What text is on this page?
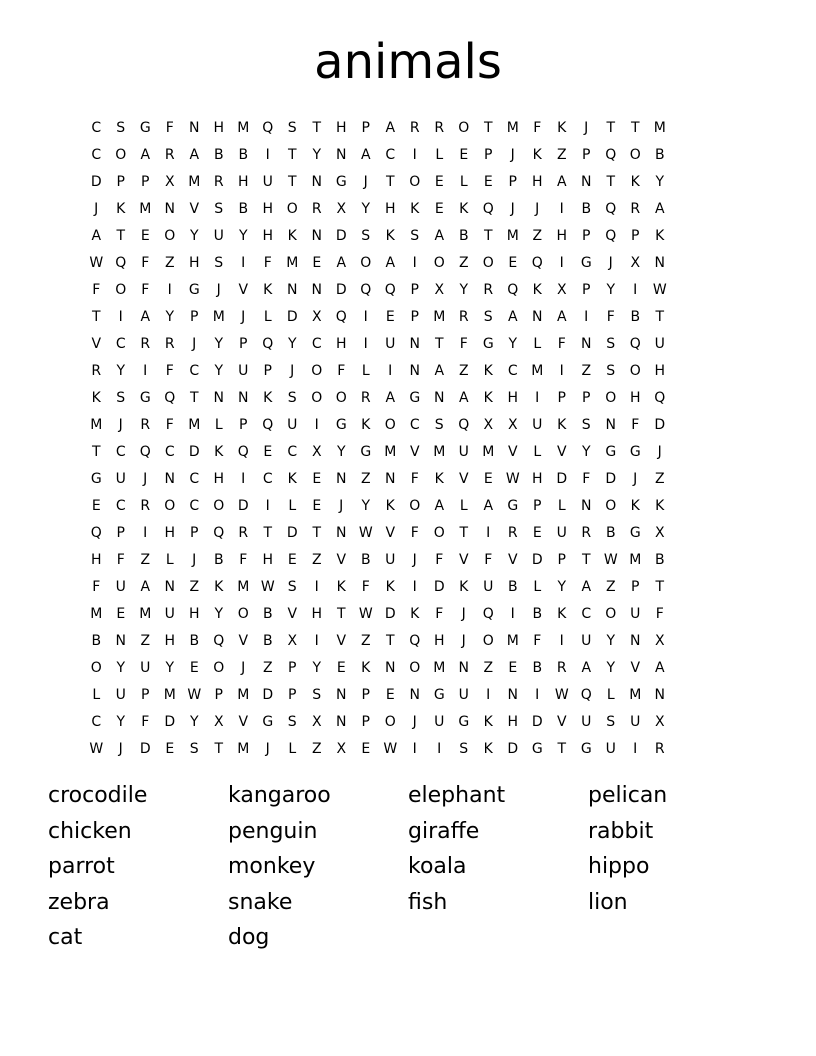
animals
C	S	G	F	N	H M Q	S	T	H	P	A	R	R	O	T	M	F	K	J	T	T	M
C	O	A	R	A	B	B	I	T	Y	N	A	C	I	L	E	P	J	K	Z	P	Q O	B
D	P	P	X M R	H	U	T	N G	J	T	O	E	L	E	P	H	A	N	T	K	Y
J	K M N	V	S	B	H O	R	X	Y	H	K	E	K	Q	J	J	I	B	Q	R	A
A	T	E	O	Y	U	Y	H	K	N D	S	K	S	A	B	T	M Z	H	P	Q	P	K
W Q	F	Z	H	S	I	F	M	E	A	O	A	I	O	Z	O	E	Q	I	G	J	X	N
F	O	F	I	G	J	V	K	N	N D Q Q	P	X	Y	R	Q	K	X	P	Y	I	W
T	I	A	Y	P	M	J	L	D	X	Q	I	E	P	M R	S	A	N	A	I	F	B	T
V	C	R	R	J	Y	P	Q	Y	C	H	I	U	N	T	F	G	Y	L	F	N	S	Q U
R	Y	I	F	C	Y	U	P	J	O	F	L	I	N	A	Z	K	C M	I	Z	S	O H
K	S	G Q	T	N	N	K	S	O O	R	A	G N	A	K	H	I	P	P	O H Q
M	J	R	F	M	L	P	Q U	I	G	K	O	C	S	Q	X	X	U	K	S	N	F	D
T	C	Q	C	D	K	Q	E	C	X	Y	G M V M U M V	L	V	Y	G G	J
G U	J	N	C	H	I	C	K	E	N	Z	N	F	K	V	E W H D	F	D	J	Z
E	C	R	O	C	O D	I	L	E	J	Y	K	O	A	L	A	G	P	L	N O	K	K
Q	P	I	H	P	Q	R	T	D	T	N W V	F	O	T	I	R	E	U	R	B	G	X
H	F	Z	L	J	B	F	H	E	Z	V	B	U	J	F	V	F	V	D	P	T W M B
F	U	A	N	Z	K M W S	I	K	F	K	I	D	K	U	B	L	Y	A	Z	P	T
M	E	M U	H	Y	O	B	V	H	T W D	K	F	J	Q	I	B	K	C	O U	F
B	N	Z	H	B	Q	V	B	X	I	V	Z	T	Q H	J	O M	F	I	U	Y	N	X
O	Y	U	Y	E	O	J	Z	P	Y	E	K	N O M N	Z	E	B	R	A	Y	V	A
L	U	P	M W P	M D	P	S	N	P	E	N G U	I	N	I	W Q	L	M N
C	Y	F	D	Y	X	V	G	S	X	N	P	O	J	U G	K	H D	V	U	S	U	X
W	J	D	E	S	T	M	J	L	Z	X	E W	I	I	S	K	D G	T	G U	I	R
crocodile	kangaroo	elephant	pelican
chicken	penguin	giraffe	rabbit
parrot	monkey	koala	hippo
zebra	snake	fish	lion
cat	dog
